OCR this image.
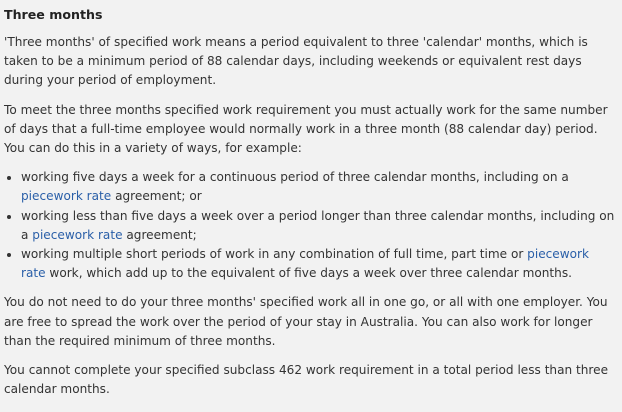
Three months

'Three months' of specified work means a period equivalent to three 'calendar' months, which is taken to be a minimum period of 88 calendar days, including weekends or equivalent rest days during your period of employment.

To meet the three months specified work requirement you must actually work for the same number of days that a full-time employee would normally work in a three month (88 calendar day) period. You can do this in a variety of ways, for example:

• working five days a week for a continuous period of three calendar months, including on a piecework rate agreement; or
• working less than five days a week over a period longer than three calendar months, including on a piecework rate agreement;
• working multiple short periods of work in any combination of full time, part time or piecework rate work, which add up to the equivalent of five days a week over three calendar months.

You do not need to do your three months' specified work all in one go, or all with one employer. You are free to spread the work over the period of your stay in Australia. You can also work for longer than the required minimum of three months.

You cannot complete your specified subclass 462 work requirement in a total period less than three calendar months.
